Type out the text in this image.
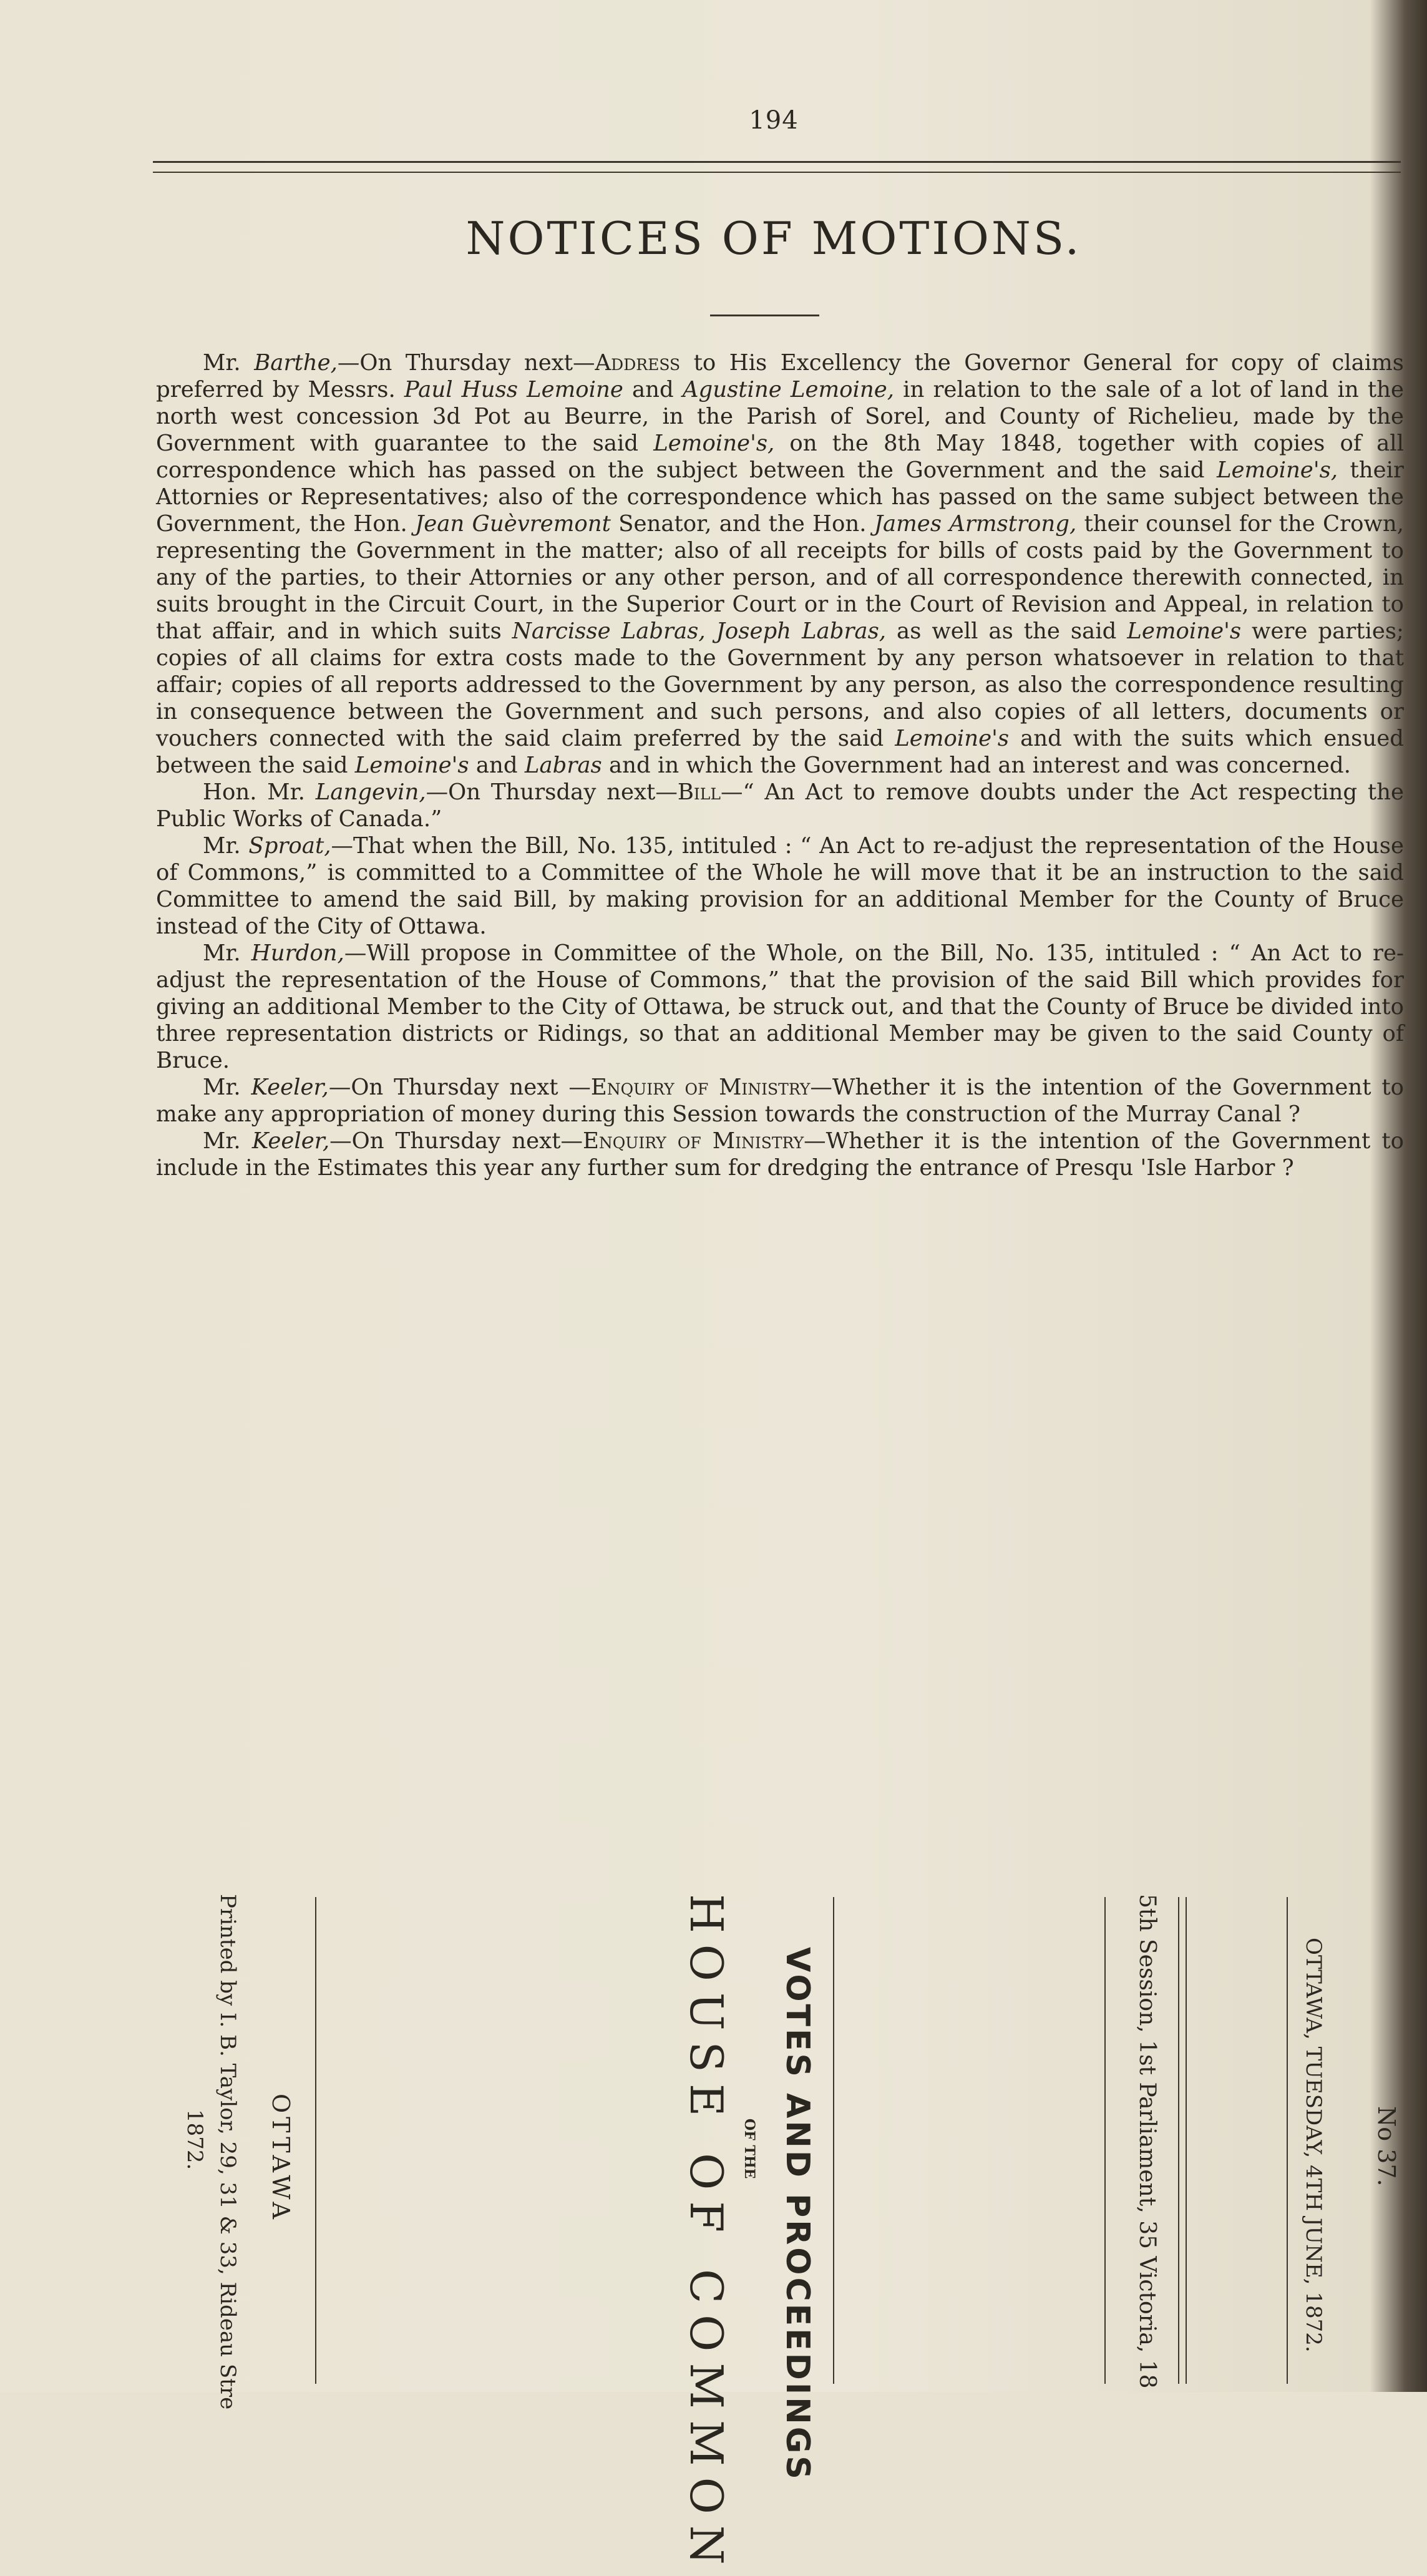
194
NOTICES OF MOTIONS.

Mr. Barthe,—On Thursday next—Address to His Excellency the Governor General for copy of claims preferred by Messrs. Paul Huss Lemoine and Agustine Lemoine, in relation to the sale of a lot of land in the north west concession 3d Pot au Beurre, in the Parish of Sorel, and County of Richelieu, made by the Government with guarantee to the said Lemoine's, on the 8th May 1848, together with copies of all correspondence which has passed on the subject between the Government and the said Lemoine's, their Attornies or Representatives; also of the correspondence which has passed on the same subject between the Government, the Hon. Jean Guèvremont Senator, and the Hon. James Armstrong, their counsel for the Crown, representing the Government in the matter; also of all receipts for bills of costs paid by the Government to any of the parties, to their Attornies or any other person, and of all correspondence therewith connected, in suits brought in the Circuit Court, in the Superior Court or in the Court of Revision and Appeal, in relation to that affair, and in which suits Narcisse Labras, Joseph Labras, as well as the said Lemoine's were parties; copies of all claims for extra costs made to the Government by any person whatsoever in relation to that affair; copies of all reports addressed to the Government by any person, as also the correspondence resulting in consequence between the Government and such persons, and also copies of all letters, documents or vouchers connected with the said claim preferred by the said Lemoine's and with the suits which ensued between the said Lemoine's and Labras and in which the Government had an interest and was concerned.

Hon. Mr. Langevin,—On Thursday next—Bill—“ An Act to remove doubts under the Act respecting the Public Works of Canada.”

Mr. Sproat,—That when the Bill, No. 135, intituled : “ An Act to re-adjust the representation of the House of Commons,” is committed to a Committee of the Whole he will move that it be an instruction to the said Committee to amend the said Bill, by making provision for an additional Member for the County of Bruce instead of the City of Ottawa.

Mr. Hurdon,—Will propose in Committee of the Whole, on the Bill, No. 135, intituled : “ An Act to re-adjust the representation of the House of Commons,” that the provision of the said Bill which provides for giving an additional Member to the City of Ottawa, be struck out, and that the County of Bruce be divided into three representation districts or Ridings, so that an additional Member may be given to the said County of Bruce.

Mr. Keeler,—On Thursday next —Enquiry of Ministry—Whether it is the intention of the Government to make any appropriation of money during this Session towards the construction of the Murray Canal ?

Mr. Keeler,—On Thursday next—Enquiry of Ministry—Whether it is the intention of the Government to include in the Estimates this year any further sum for dredging the entrance of Presqu 'Isle Harbor ?

Printed by I. B. Taylor, 29, 31 & 33, Rideau Stre
1872.	OTTAWA	HOUSE OF COMMON OF THE VOTES AND PROCEEDINGS	5th Session, 1st Parliament, 35 Victoria, 18	OTTAWA, TUESDAY, 4TH JUNE, 1872. No 37.
